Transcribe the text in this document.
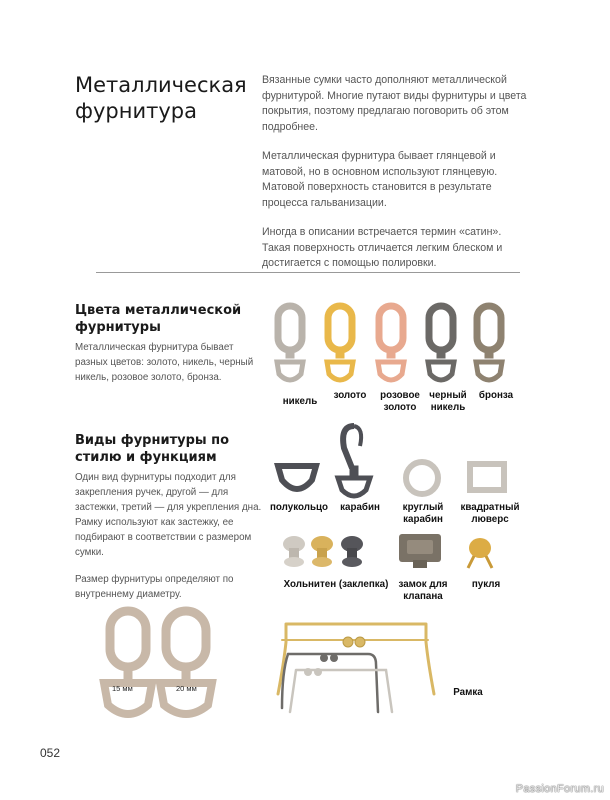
Металлическая фурнитура

Вязанные сумки часто дополняют металлической фурнитурой. Многие путают виды фурнитуры и цвета покрытия, поэтому предлагаю поговорить об этом подробнее.

Металлическая фурнитура бывает глянцевой и матовой, но в основном используют глянцевую. Матовой поверхность становится в результате процесса гальванизации.

Иногда в описании встречается термин «сатин». Такая поверхность отличается легким блеском и достигается с помощью полировки.

Цвета металлической фурнитуры

Металлическая фурнитура бывает разных цветов: золото, никель, черный никель, розовое золото, бронза.

никель
золото	розовое золото
черный никель
бронза
Виды фурнитуры по стилю и функциям

Один вид фурнитуры подходит для закрепления ручек, другой — для застежки, третий — для укрепления дна. Рамку используют как застежку, ее подбирают в соответствии с размером сумки.

Размер фурнитуры определяют по внутреннему диаметру.

15 мм	20 мм
полукольцо	карабин	круглый карабин
квадратный люверс
Хольнитен (заклепка)	замок для клапана
пукля
Рамка
052
PassionForum.ru
